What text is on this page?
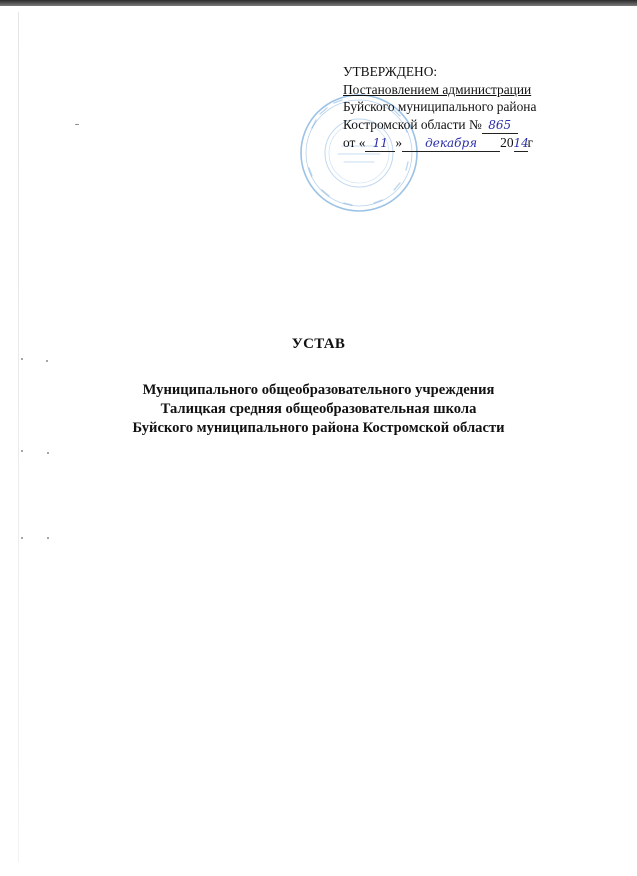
УТВЕРЖДЕНО:
Постановлением администрации
Буйского муниципального района
Костромской области № 865
от « 11 » декабря 2014г
УСТАВ
Муниципального общеобразовательного учреждения
Талицкая средняя общеобразовательная школа
Буйского муниципального района Костромской области
